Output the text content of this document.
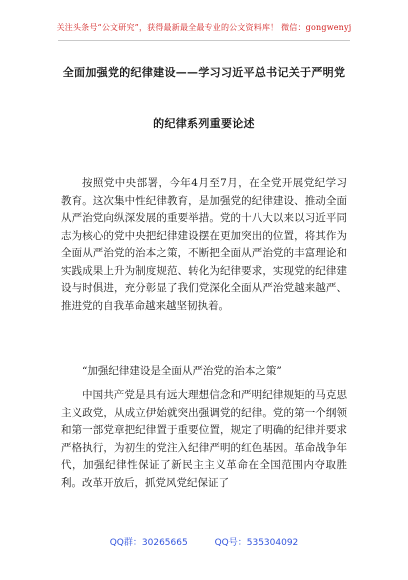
关注头条号“公文研究”，获得最新最全最专业的公文资料库！ 微信：gongwenyj
全面加强党的纪律建设——学习习近平总书记关于严明党
的纪律系列重要论述

按照党中央部署，今年4月至7月，在全党开展党纪学习教育。这次集中性纪律教育，是加强党的纪律建设、推动全面从严治党向纵深发展的重要举措。党的十八大以来以习近平同志为核心的党中央把纪律建设摆在更加突出的位置，将其作为全面从严治党的治本之策，不断把全面从严治党的丰富理论和实践成果上升为制度规范、转化为纪律要求，实现党的纪律建设与时俱进，充分彰显了我们党深化全面从严治党越来越严、推进党的自我革命越来越坚韧执着。

“加强纪律建设是全面从严治党的治本之策”

中国共产党是具有远大理想信念和严明纪律规矩的马克思主义政党，从成立伊始就突出强调党的纪律。党的第一个纲领和第一部党章把纪律置于重要位置，规定了明确的纪律并要求严格执行，为初生的党注入纪律严明的红色基因。革命战争年代，加强纪律性保证了新民主主义革命在全国范围内夺取胜利。改革开放后，抓党风党纪保证了

QQ群：30265665	QQ号：535304092
